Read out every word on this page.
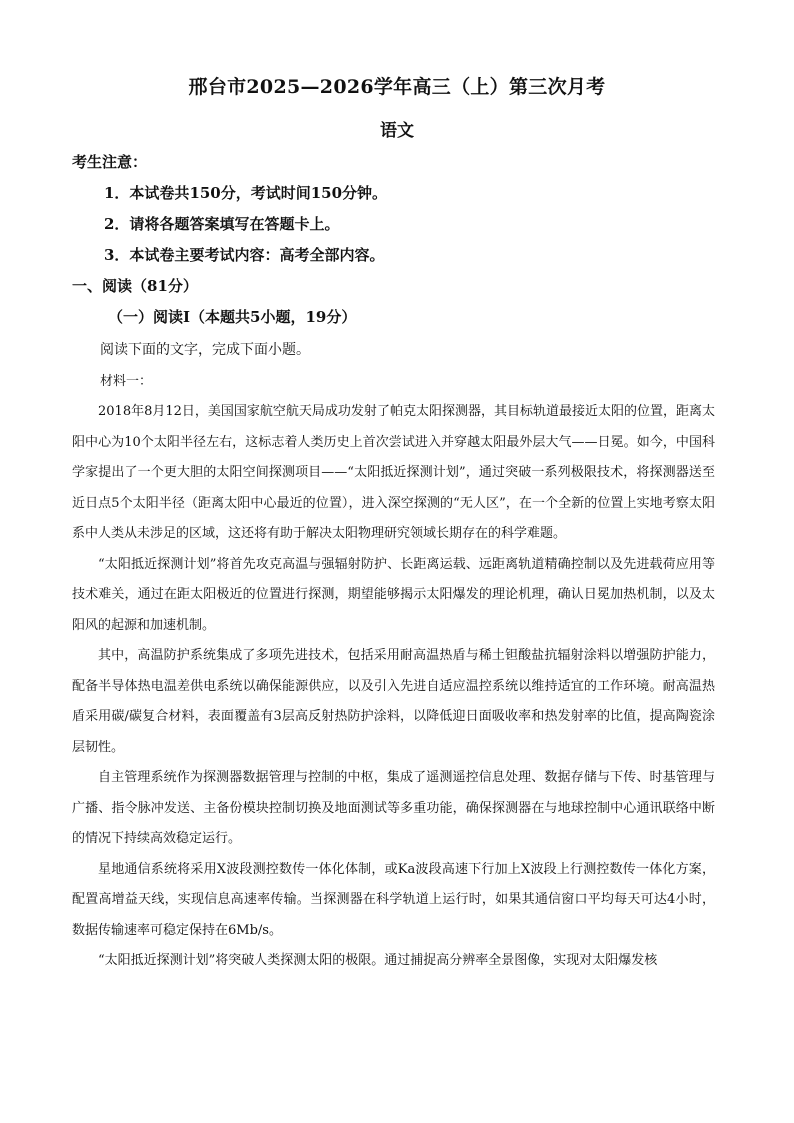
邢台市2025—2026学年高三（上）第三次月考
语文
考生注意：
1．本试卷共150分，考试时间150分钟。
2．请将各题答案填写在答题卡上。
3．本试卷主要考试内容：高考全部内容。
一、阅读（81分）
（一）阅读Ⅰ（本题共5小题，19分）
阅读下面的文字，完成下面小题。
材料一：

2018年8月12日，美国国家航空航天局成功发射了帕克太阳探测器，其目标轨道最接近太阳的位置，距离太阳中心为10个太阳半径左右，这标志着人类历史上首次尝试进入并穿越太阳最外层大气——日冕。如今，中国科学家提出了一个更大胆的太阳空间探测项目——“太阳抵近探测计划”，通过突破一系列极限技术，将探测器送至近日点5个太阳半径（距离太阳中心最近的位置），进入深空探测的“无人区”，在一个全新的位置上实地考察太阳系中人类从未涉足的区域，这还将有助于解决太阳物理研究领域长期存在的科学难题。

“太阳抵近探测计划”将首先攻克高温与强辐射防护、长距离运载、远距离轨道精确控制以及先进载荷应用等技术难关，通过在距太阳极近的位置进行探测，期望能够揭示太阳爆发的理论机理，确认日冕加热机制，以及太阳风的起源和加速机制。

其中，高温防护系统集成了多项先进技术，包括采用耐高温热盾与稀土钽酸盐抗辐射涂料以增强防护能力，配备半导体热电温差供电系统以确保能源供应，以及引入先进自适应温控系统以维持适宜的工作环境。耐高温热盾采用碳/碳复合材料，表面覆盖有3层高反射热防护涂料，以降低迎日面吸收率和热发射率的比值，提高陶瓷涂层韧性。

自主管理系统作为探测器数据管理与控制的中枢，集成了遥测遥控信息处理、数据存储与下传、时基管理与广播、指令脉冲发送、主备份模块控制切换及地面测试等多重功能，确保探测器在与地球控制中心通讯联络中断的情况下持续高效稳定运行。

星地通信系统将采用X波段测控数传一体化体制，或Ka波段高速下行加上X波段上行测控数传一体化方案，配置高增益天线，实现信息高速率传输。当探测器在科学轨道上运行时，如果其通信窗口平均每天可达4小时，数据传输速率可稳定保持在6Mb/s。

“太阳抵近探测计划”将突破人类探测太阳的极限。通过捕捉高分辨率全景图像，实现对太阳爆发核
